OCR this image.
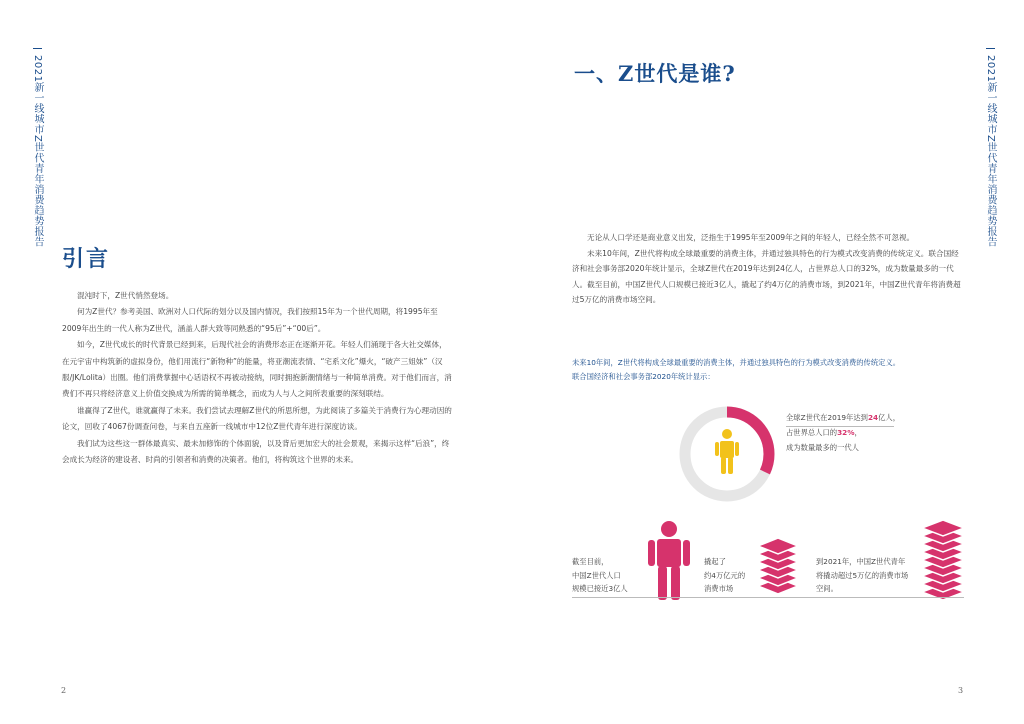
2021新一线城市Z世代青年消费趋势报告
引言

混沌时下，Z世代悄然登场。

何为Z世代？参考美国、欧洲对人口代际的划分以及国内情况，我们按照15年为一个世代周期，将1995年至2009年出生的一代人称为Z世代，涵盖人群大致等同熟悉的“95后”+“00后”。

如今，Z世代成长的时代背景已经到来，后现代社会的消费形态正在逐渐开花。年轻人们涌现于各大社交媒体，在元宇宙中构筑新的虚拟身份，他们用流行“新物种”的能量，将亚潮流表情、“宅系文化”爆火，“破产三姐妹”（汉服/JK/Lolita）出圈。他们消费掌握中心话语权不再被动接纳，同时拥抱新潮情绪与一种简单消费。对于他们而言，消费们不再只将经济意义上价值交换成为所需的简单概念，而成为人与人之间所表重要的深刻联结。

谁赢得了Z世代，谁就赢得了未来。我们尝试去理解Z世代的所思所想，为此阅读了多篇关于消费行为心理动因的论文，回收了4067份调查问卷，与来自五座新一线城市中12位Z世代青年进行深度访谈。

我们试为这些这一群体最真实、最未加修饰的个体面貌，以及背后更加宏大的社会景观，来揭示这样“后浪”，终会成长为经济的建设者、时尚的引领者和消费的决策者。他们，将构筑这个世界的未来。

2
2021新一线城市Z世代青年消费趋势报告
一、Z世代是谁?

无论从人口学还是商业意义出发，泛指生于1995年至2009年之间的年轻人，已经全然不可忽视。

未来10年间，Z世代将构成全球最重要的消费主体，并通过独具特色的行为模式改变消费的传统定义。联合国经济和社会事务部2020年统计显示，全球Z世代在2019年达到24亿人，占世界总人口的32%，成为数量最多的一代人。截至目前，中国Z世代人口规模已接近3亿人，撬起了约4万亿的消费市场，到2021年，中国Z世代青年将消费超过5万亿的消费市场空间。

未来10年间，Z世代将构成全球最重要的消费主体，并通过独具特色的行为模式改变消费的传统定义。

联合国经济和社会事务部2020年统计显示：

全球Z世代在2019年达到24亿人，

占世界总人口的32%，

成为数量最多的一代人

截至目前，

中国Z世代人口

规模已接近3亿人

撬起了

约4万亿元的

消费市场

到2021年，中国Z世代青年

将撬动超过5万亿的消费市场

空间。

3
